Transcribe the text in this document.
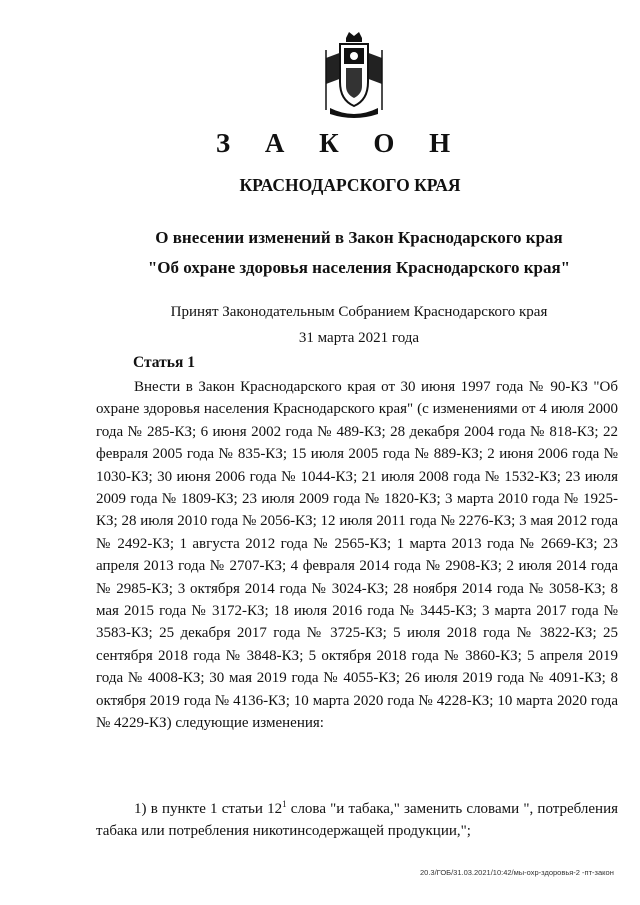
З А К О Н
КРАСНОДАРСКОГО КРАЯ

О внесении изменений в Закон Краснодарского края

"Об охране здоровья населения Краснодарского края"

Принят Законодательным Собранием Краснодарского края

31 марта 2021 года

Статья 1

Внести в Закон Краснодарского края от 30 июня 1997 года № 90-КЗ "Об охране здоровья населения Краснодарского края" (с изменениями от 4 июля 2000 года № 285-КЗ; 6 июня 2002 года № 489-КЗ; 28 декабря 2004 года № 818-КЗ; 22 февраля 2005 года № 835-КЗ; 15 июля 2005 года № 889-КЗ; 2 июня 2006 года № 1030-КЗ; 30 июня 2006 года № 1044-КЗ; 21 июля 2008 года № 1532-КЗ; 23 июля 2009 года № 1809-КЗ; 23 июля 2009 года № 1820-КЗ; 3 марта 2010 года № 1925-КЗ; 28 июля 2010 года № 2056-КЗ; 12 июля 2011 года № 2276-КЗ; 3 мая 2012 года № 2492-КЗ; 1 августа 2012 года № 2565-КЗ; 1 марта 2013 года № 2669-КЗ; 23 апреля 2013 года № 2707-КЗ; 4 февраля 2014 года № 2908-КЗ; 2 июля 2014 года № 2985-КЗ; 3 октября 2014 года № 3024-КЗ; 28 ноября 2014 года № 3058-КЗ; 8 мая 2015 года № 3172-КЗ; 18 июля 2016 года № 3445-КЗ; 3 марта 2017 года № 3583-КЗ; 25 декабря 2017 года № 3725-КЗ; 5 июля 2018 года № 3822-КЗ; 25 сентября 2018 года № 3848-КЗ; 5 октября 2018 года № 3860-КЗ; 5 апреля 2019 года № 4008-КЗ; 30 мая 2019 года № 4055-КЗ; 26 июля 2019 года № 4091-КЗ; 8 октября 2019 года № 4136-КЗ; 10 марта 2020 года № 4228-КЗ; 10 марта 2020 года № 4229-КЗ) следующие изменения:

1) в пункте 1 статьи $12^1$ слова "и табака," заменить словами ", потребления табака или потребления никотинсодержащей продукции,";

20.3/ГОБ/31.03.2021/10:42/мы-охр-здоровья-2 -пт-закон
